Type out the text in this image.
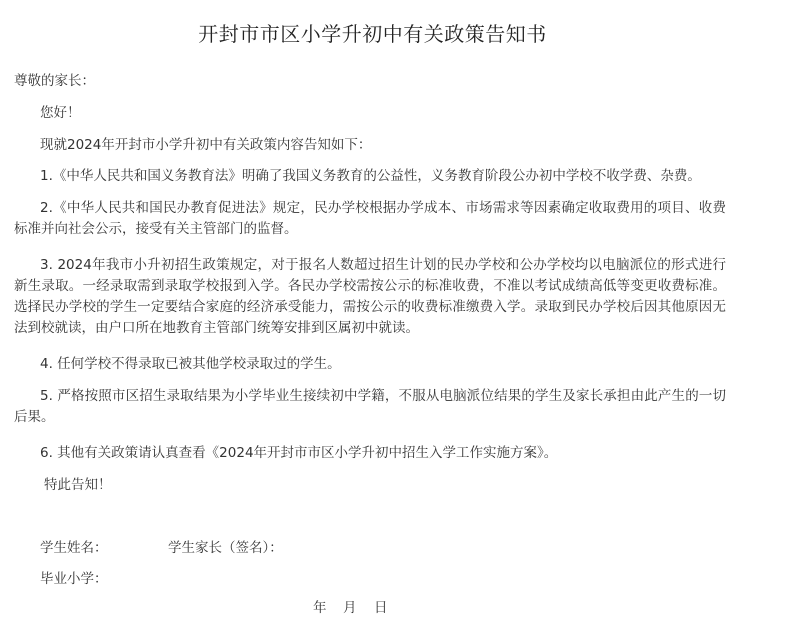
开封市市区小学升初中有关政策告知书
尊敬的家长：
您好！
现就2024年开封市小学升初中有关政策内容告知如下：
1.《中华人民共和国义务教育法》明确了我国义务教育的公益性，义务教育阶段公办初中学校不收学费、杂费。
2.《中华人民共和国民办教育促进法》规定，民办学校根据办学成本、市场需求等因素确定收取费用的项目、收费标准并向社会公示，接受有关主管部门的监督。
3. 2024年我市小升初招生政策规定，对于报名人数超过招生计划的民办学校和公办学校均以电脑派位的形式进行新生录取。一经录取需到录取学校报到入学。各民办学校需按公示的标准收费，不准以考试成绩高低等变更收费标准。选择民办学校的学生一定要结合家庭的经济承受能力，需按公示的收费标准缴费入学。录取到民办学校后因其他原因无法到校就读，由户口所在地教育主管部门统筹安排到区属初中就读。
4. 任何学校不得录取已被其他学校录取过的学生。
5. 严格按照市区招生录取结果为小学毕业生接续初中学籍，不服从电脑派位结果的学生及家长承担由此产生的一切后果。
6. 其他有关政策请认真查看《2024年开封市市区小学升初中招生入学工作实施方案》。
特此告知！
学生姓名：	学生家长（签名）：
毕业小学：
年 月 日
